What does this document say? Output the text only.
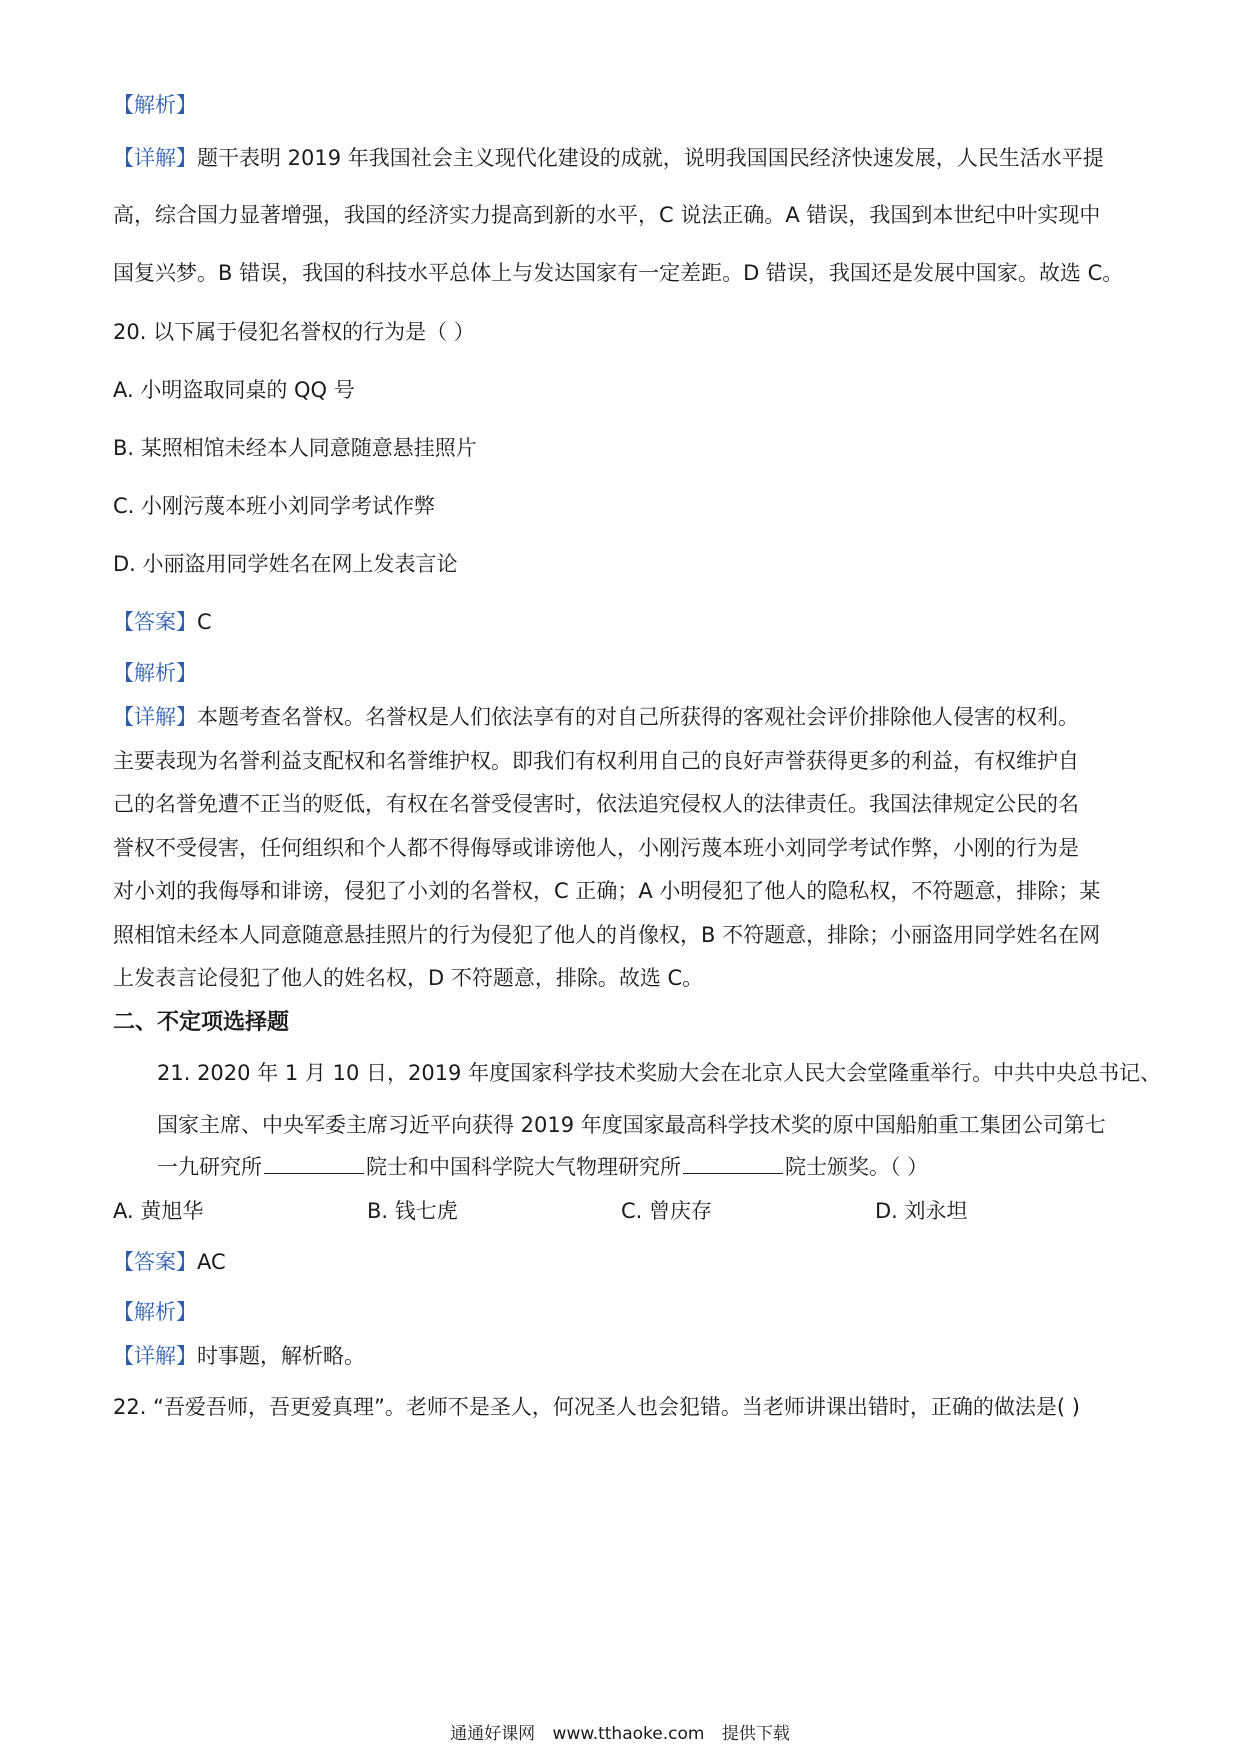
【解析】

【详解】题干表明 2019 年我国社会主义现代化建设的成就，说明我国国民经济快速发展，人民生活水平提

高，综合国力显著增强，我国的经济实力提高到新的水平，C 说法正确。A 错误，我国到本世纪中叶实现中

国复兴梦。B 错误，我国的科技水平总体上与发达国家有一定差距。D 错误，我国还是发展中国家。故选 C。

20. 以下属于侵犯名誉权的行为是（ ）

A. 小明盗取同桌的 QQ 号

B. 某照相馆未经本人同意随意悬挂照片

C. 小刚污蔑本班小刘同学考试作弊

D. 小丽盗用同学姓名在网上发表言论

【答案】C

【解析】

【详解】本题考查名誉权。名誉权是人们依法享有的对自己所获得的客观社会评价排除他人侵害的权利。

主要表现为名誉利益支配权和名誉维护权。即我们有权利用自己的良好声誉获得更多的利益，有权维护自

己的名誉免遭不正当的贬低，有权在名誉受侵害时，依法追究侵权人的法律责任。我国法律规定公民的名

誉权不受侵害，任何组织和个人都不得侮辱或诽谤他人，小刚污蔑本班小刘同学考试作弊，小刚的行为是

对小刘的我侮辱和诽谤，侵犯了小刘的名誉权，C 正确；A 小明侵犯了他人的隐私权，不符题意，排除；某

照相馆未经本人同意随意悬挂照片的行为侵犯了他人的肖像权，B 不符题意，排除；小丽盗用同学姓名在网

上发表言论侵犯了他人的姓名权，D 不符题意，排除。故选 C。

二、不定项选择题

21. 2020 年 1 月 10 日，2019 年度国家科学技术奖励大会在北京人民大会堂隆重举行。中共中央总书记、

国家主席、中央军委主席习近平向获得 2019 年度国家最高科学技术奖的原中国船舶重工集团公司第七

一九研究所	院士和中国科学院大气物理研究所	院士颁奖。（ ）

A. 黄旭华	B. 钱七虎	C. 曾庆存	D. 刘永坦

【答案】AC

【解析】

【详解】时事题，解析略。

22. “吾爱吾师，吾更爱真理”。老师不是圣人，何况圣人也会犯错。当老师讲课出错时，正确的做法是( )

通通好课网 www.tthaoke.com 提供下载
